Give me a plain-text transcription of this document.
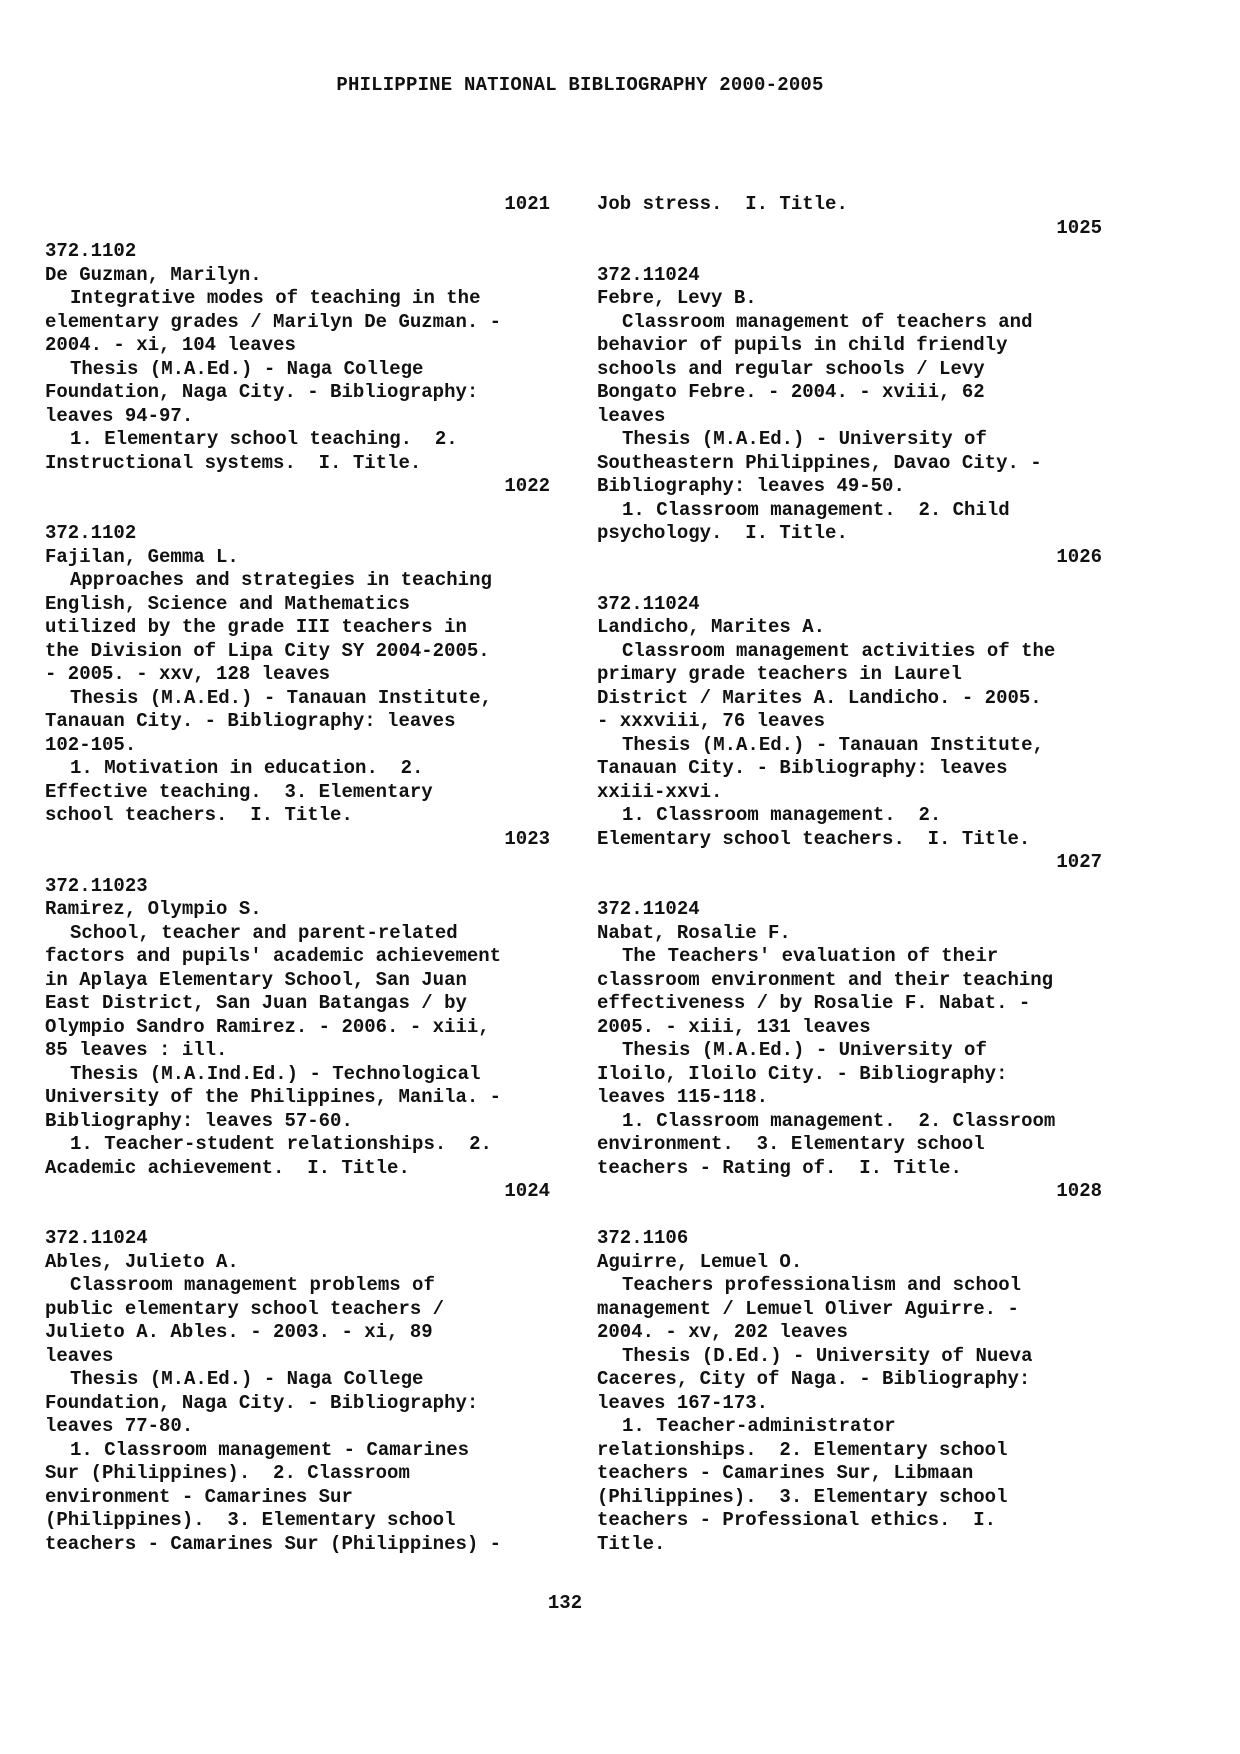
PHILIPPINE NATIONAL BIBLIOGRAPHY 2000-2005
1021
372.1102
De Guzman, Marilyn.
Integrative modes of teaching in the
elementary grades / Marilyn De Guzman. -
2004. - xi, 104 leaves
Thesis (M.A.Ed.) - Naga College
Foundation, Naga City. - Bibliography:
leaves 94-97.
1. Elementary school teaching.  2.
Instructional systems.  I. Title.
1022
372.1102
Fajilan, Gemma L.
Approaches and strategies in teaching
English, Science and Mathematics
utilized by the grade III teachers in
the Division of Lipa City SY 2004-2005.
- 2005. - xxv, 128 leaves
Thesis (M.A.Ed.) - Tanauan Institute,
Tanauan City. - Bibliography: leaves
102-105.
1. Motivation in education.  2.
Effective teaching.  3. Elementary
school teachers.  I. Title.
1023
372.11023
Ramirez, Olympio S.
School, teacher and parent-related
factors and pupils' academic achievement
in Aplaya Elementary School, San Juan
East District, San Juan Batangas / by
Olympio Sandro Ramirez. - 2006. - xiii,
85 leaves : ill.
Thesis (M.A.Ind.Ed.) - Technological
University of the Philippines, Manila. -
Bibliography: leaves 57-60.
1. Teacher-student relationships.  2.
Academic achievement.  I. Title.
1024
372.11024
Ables, Julieto A.
Classroom management problems of
public elementary school teachers /
Julieto A. Ables. - 2003. - xi, 89
leaves
Thesis (M.A.Ed.) - Naga College
Foundation, Naga City. - Bibliography:
leaves 77-80.
1. Classroom management - Camarines
Sur (Philippines).  2. Classroom
environment - Camarines Sur
(Philippines).  3. Elementary school
teachers - Camarines Sur (Philippines) -
Job stress.  I. Title.
1025
372.11024
Febre, Levy B.
Classroom management of teachers and
behavior of pupils in child friendly
schools and regular schools / Levy
Bongato Febre. - 2004. - xviii, 62
leaves
Thesis (M.A.Ed.) - University of
Southeastern Philippines, Davao City. -
Bibliography: leaves 49-50.
1. Classroom management.  2. Child
psychology.  I. Title.
1026
372.11024
Landicho, Marites A.
Classroom management activities of the
primary grade teachers in Laurel
District / Marites A. Landicho. - 2005.
- xxxviii, 76 leaves
Thesis (M.A.Ed.) - Tanauan Institute,
Tanauan City. - Bibliography: leaves
xxiii-xxvi.
1. Classroom management.  2.
Elementary school teachers.  I. Title.
1027
372.11024
Nabat, Rosalie F.
The Teachers' evaluation of their
classroom environment and their teaching
effectiveness / by Rosalie F. Nabat. -
2005. - xiii, 131 leaves
Thesis (M.A.Ed.) - University of
Iloilo, Iloilo City. - Bibliography:
leaves 115-118.
1. Classroom management.  2. Classroom
environment.  3. Elementary school
teachers - Rating of.  I. Title.
1028
372.1106
Aguirre, Lemuel O.
Teachers professionalism and school
management / Lemuel Oliver Aguirre. -
2004. - xv, 202 leaves
Thesis (D.Ed.) - University of Nueva
Caceres, City of Naga. - Bibliography:
leaves 167-173.
1. Teacher-administrator
relationships.  2. Elementary school
teachers - Camarines Sur, Libmaan
(Philippines).  3. Elementary school
teachers - Professional ethics.  I.
Title.
132
